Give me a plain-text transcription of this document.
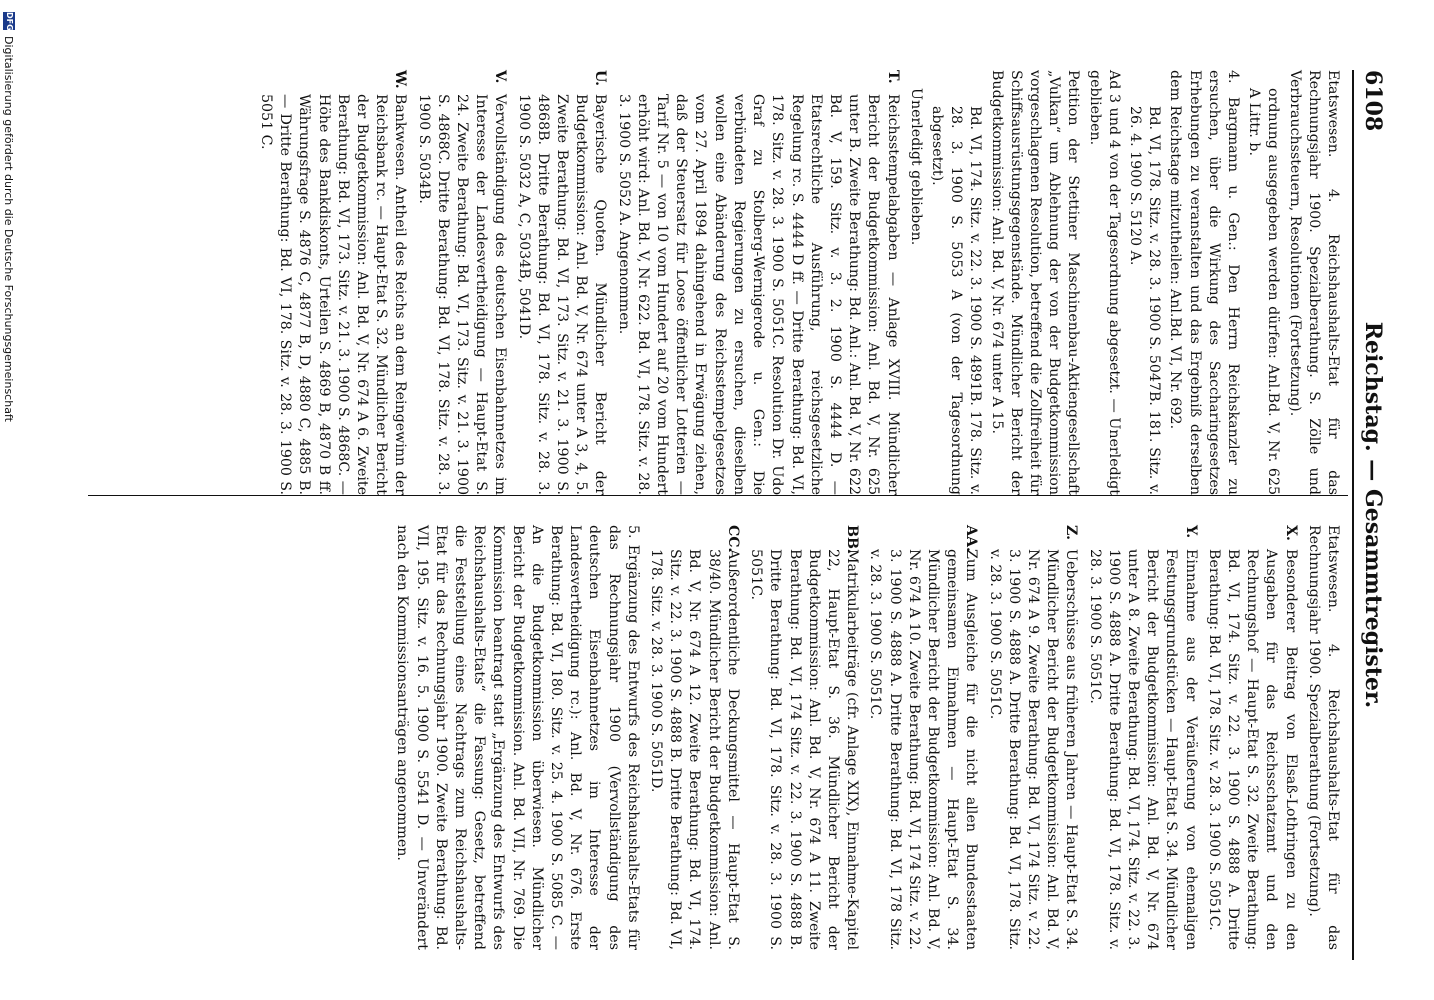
6108
Reichstag. — Gesammtregister.

Etatswesen. 4. Reichshaushalts-Etat für das Rechnungsjahr 1900. Spezialberathung. S. Zölle und Verbrauchssteuern, Resolutionen (Fortsetzung).

ordnung ausgegeben werden dürfen: Anl.Bd. V, Nr. 625 A Littr. b.

4. Bargmann u. Gen.: Den Herrn Reichskanzler zu ersuchen, über die Wirkung des Saccharingesetzes Erhebungen zu veranstalten und das Ergebniß derselben dem Reichstage mitzutheilen: Anl.Bd. VI, Nr. 692.

Bd. VI, 178. Sitz. v. 28. 3. 1900 S. 5047B. 181. Sitz. v. 26. 4. 1900 S. 5120 A.

Ad 3 und 4 von der Tagesordnung abgesetzt. — Unerledigt geblieben.

Petition der Stettiner Maschinenbau-Aktiengesellschaft „Vulkan“ um Ablehnung der von der Budgetkommission vorgeschlagenen Resolution, betreffend die Zollfreiheit für Schiffsausrüstungsgegenstände. Mündlicher Bericht der Budgetkommission: Anl. Bd. V, Nr. 674 unter A 15.

Bd. VI, 174. Sitz. v. 22. 3. 1900 S. 4891B. 178. Sitz. v. 28. 3. 1900 S. 5053 A (von der Tagesordnung abgesetzt).

Unerledigt geblieben.

T.
Reichsstempelabgaben — Anlage XVIII. Mündlicher Bericht der Budgetkommission: Anl. Bd. V, Nr. 625 unter B. Zweite Berathung: Bd. Anl.: Anl. Bd. V, Nr. 622 Bd. V, 159. Sitz. v. 3. 2. 1900 S. 4444 D. — Etatsrechtliche Ausführung, reichsgesetzliche Regelung rc. S. 4444 D ff. — Dritte Berathung: Bd. VI, 178. Sitz. v. 28. 3. 1900 S. 5051C. Resolution Dr. Udo Graf zu Stolberg-Wernigerode u. Gen.: Die verbündeten Regierungen zu ersuchen, dieselben wollen eine Abänderung des Reichsstempelgesetzes vom 27. April 1894 dahingehend in Erwägung ziehen, daß der Steuersatz für Loose öffentlicher Lotterien — Tarif Nr. 5 — von 10 vom Hundert auf 20 vom Hundert erhöht wird: Anl. Bd. V, Nr. 622. Bd. VI, 178. Sitz. v. 28. 3. 1900 S. 5052 A. Angenommen.
U.
Bayerische Quoten. Mündlicher Bericht der Budgetkommission: Anl. Bd. V, Nr. 674 unter A 3, 4, 5. Zweite Berathung: Bd. VI, 173. Sitz. v. 21. 3. 1900 S. 4868B. Dritte Berathung: Bd. VI, 178. Sitz. v. 28. 3. 1900 S. 5032 A, C, 5034B, 5041D.
V.
Vervollständigung des deutschen Eisenbahnnetzes im Interesse der Landesvertheidigung — Haupt-Etat S. 24. Zweite Berathung: Bd. VI, 173. Sitz. v. 21. 3. 1900 S. 4868C. Dritte Berathung: Bd. VI, 178. Sitz. v. 28. 3. 1900 S. 5034B.
W.
Bankwesen. Antheil des Reichs an dem Reingewinn der Reichsbank rc. — Haupt-Etat S. 32. Mündlicher Bericht der Budgetkommission: Anl. Bd. V, Nr. 674 A 6. Zweite Berathung: Bd. VI, 173. Sitz. v. 21. 3. 1900 S. 4868C. — Höhe des Bankdiskonts, Urteilen S. 4869 B, 4870 B ff. Währungsfrage S. 4876 C, 4877 B, D, 4880 C, 4885 B. — Dritte Berathung: Bd. VI, 178. Sitz. v. 28. 3. 1900 S. 5051 C.

Etatswesen. 4. Reichshaushalts-Etat für das Rechnungsjahr 1900. Spezialberathung (Fortsetzung).

X.
Besonderer Beitrag von Elsaß-Lothringen zu den Ausgaben für das Reichsschatzamt und den Rechnungshof — Haupt-Etat S. 32. Zweite Berathung: Bd. VI, 174. Sitz. v. 22. 3. 1900 S. 4888 A. Dritte Berathung: Bd. VI, 178. Sitz. v. 28. 3. 1900 S. 5051C.
Y.
Einnahme aus der Veräußerung von ehemaligen Festungsgrundstücken — Haupt-Etat S. 34. Mündlicher Bericht der Budgetkommission: Anl. Bd. V, Nr. 674 unter A 8. Zweite Berathung: Bd. VI, 174. Sitz. v. 22. 3. 1900 S. 4888 A. Dritte Berathung: Bd. VI, 178. Sitz. v. 28. 3. 1900 S. 5051C.
Z.
Ueberschüsse aus früheren Jahren — Haupt-Etat S. 34. Mündlicher Bericht der Budgetkommission: Anl. Bd. V, Nr. 674 A 9. Zweite Berathung: Bd. VI, 174 Sitz. v. 22. 3. 1900 S. 4888 A. Dritte Berathung: Bd. VI, 178. Sitz. v. 28. 3. 1900 S. 5051C.
AA.
Zum Ausgleiche für die nicht allen Bundesstaaten gemeinsamen Einnahmen — Haupt-Etat S. 34. Mündlicher Bericht der Budgetkommission: Anl. Bd. V, Nr. 674 A 10. Zweite Berathung: Bd. VI, 174 Sitz. v. 22. 3. 1900 S. 4888 A. Dritte Berathung: Bd. VI, 178 Sitz. v. 28. 3. 1900 S. 5051C.
BB.
Matrikularbeiträge (cfr. Anlage XIX), Einnahme-Kapitel 22, Haupt-Etat S. 36. Mündlicher Bericht der Budgetkommission: Anl. Bd. V, Nr. 674 A 11. Zweite Berathung: Bd. VI, 174 Sitz. v. 22. 3. 1900 S. 4888 B. Dritte Berathung: Bd. VI, 178. Sitz. v. 28. 3. 1900 S. 5051C.
CC.
Außerordentliche Deckungsmittel — Haupt-Etat S. 38/40. Mündlicher Bericht der Budgetkommission: Anl. Bd. V, Nr. 674 A 12. Zweite Berathung: Bd. VI, 174. Sitz. v. 22. 3. 1900 S. 4888 B. Dritte Berathung: Bd. VI, 178. Sitz. v. 28. 3. 1900 S. 5051D.

5. Ergänzung des Entwurfs des Reichshaushalts-Etats für das Rechnungsjahr 1900 (Vervollständigung des deutschen Eisenbahnnetzes im Interesse der Landesvertheidigung rc.): Anl. Bd. V, Nr. 676. Erste Berathung: Bd. VI, 180. Sitz. v. 25. 4. 1900 S. 5085 C. — An die Budgetkommission überwiesen. Mündlicher Bericht der Budgetkommission. Anl. Bd. VII, Nr. 769. Die Kommission beantragt statt „Ergänzung des Entwurfs des Reichshaushalts-Etats“ die Fassung: Gesetz, betreffend die Feststellung eines Nachtrags zum Reichshaushalts-Etat für das Rechnungsjahr 1900. Zweite Berathung: Bd. VII, 195. Sitz. v. 16. 5. 1900 S. 5541 D. — Unverändert nach den Kommissionsanträgen angenommen.

DFG
Digitalisierung gefördert durch die Deutsche Forschungsgemeinschaft
